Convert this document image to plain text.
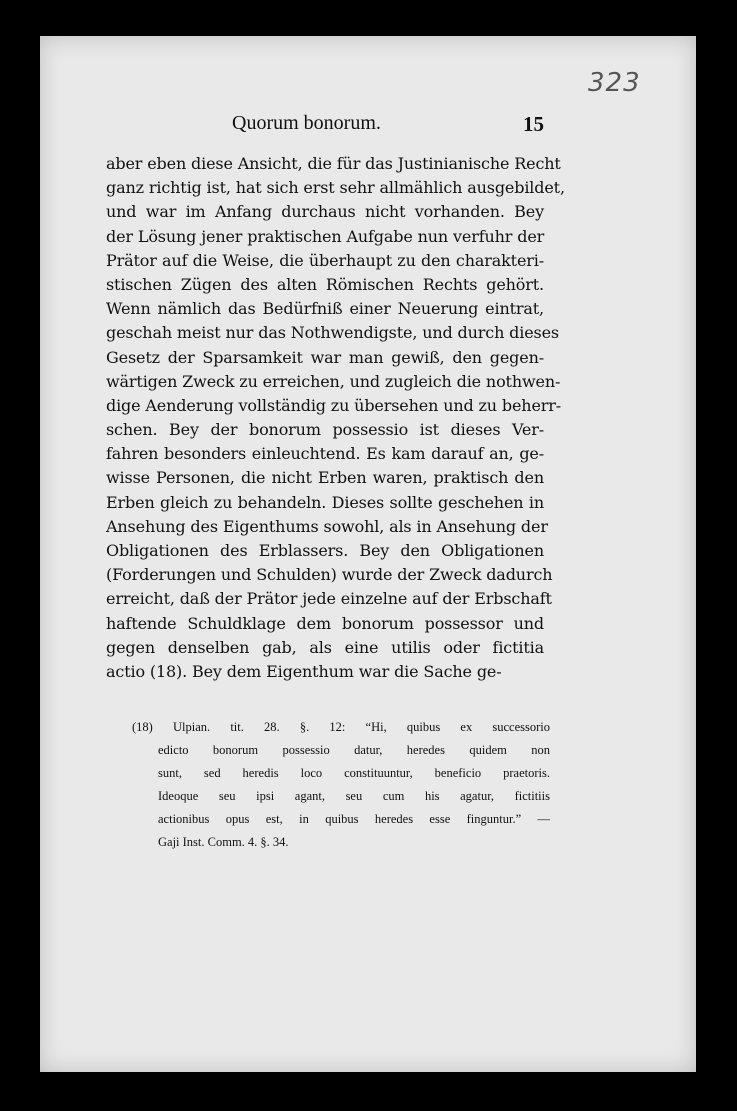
323
Quorum bonorum.	15
aber eben diese Ansicht, die für das Justinianische Recht
ganz richtig ist, hat sich erst sehr allmählich ausgebildet,
und war im Anfang durchaus nicht vorhanden. Bey
der Lösung jener praktischen Aufgabe nun verfuhr der
Prätor auf die Weise, die überhaupt zu den charakteri-
stischen Zügen des alten Römischen Rechts gehört.
Wenn nämlich das Bedürfniß einer Neuerung eintrat,
geschah meist nur das Nothwendigste, und durch dieses
Gesetz der Sparsamkeit war man gewiß, den gegen-
wärtigen Zweck zu erreichen, und zugleich die nothwen-
dige Aenderung vollständig zu übersehen und zu beherr-
schen. Bey der bonorum possessio ist dieses Ver-
fahren besonders einleuchtend. Es kam darauf an, ge-
wisse Personen, die nicht Erben waren, praktisch den
Erben gleich zu behandeln. Dieses sollte geschehen in
Ansehung des Eigenthums sowohl, als in Ansehung der
Obligationen des Erblassers. Bey den Obligationen
(Forderungen und Schulden) wurde der Zweck dadurch
erreicht, daß der Prätor jede einzelne auf der Erbschaft
haftende Schuldklage dem bonorum possessor und
gegen denselben gab, als eine utilis oder fictitia
actio (18). Bey dem Eigenthum war die Sache ge-
(18) Ulpian. tit. 28. §. 12: “Hi, quibus ex successorio
edicto bonorum possessio datur, heredes quidem non
sunt, sed heredis loco constituuntur, beneficio praetoris.
Ideoque seu ipsi agant, seu cum his agatur, fictitiis
actionibus opus est, in quibus heredes esse finguntur.” —
Gaji Inst. Comm. 4. §. 34.
